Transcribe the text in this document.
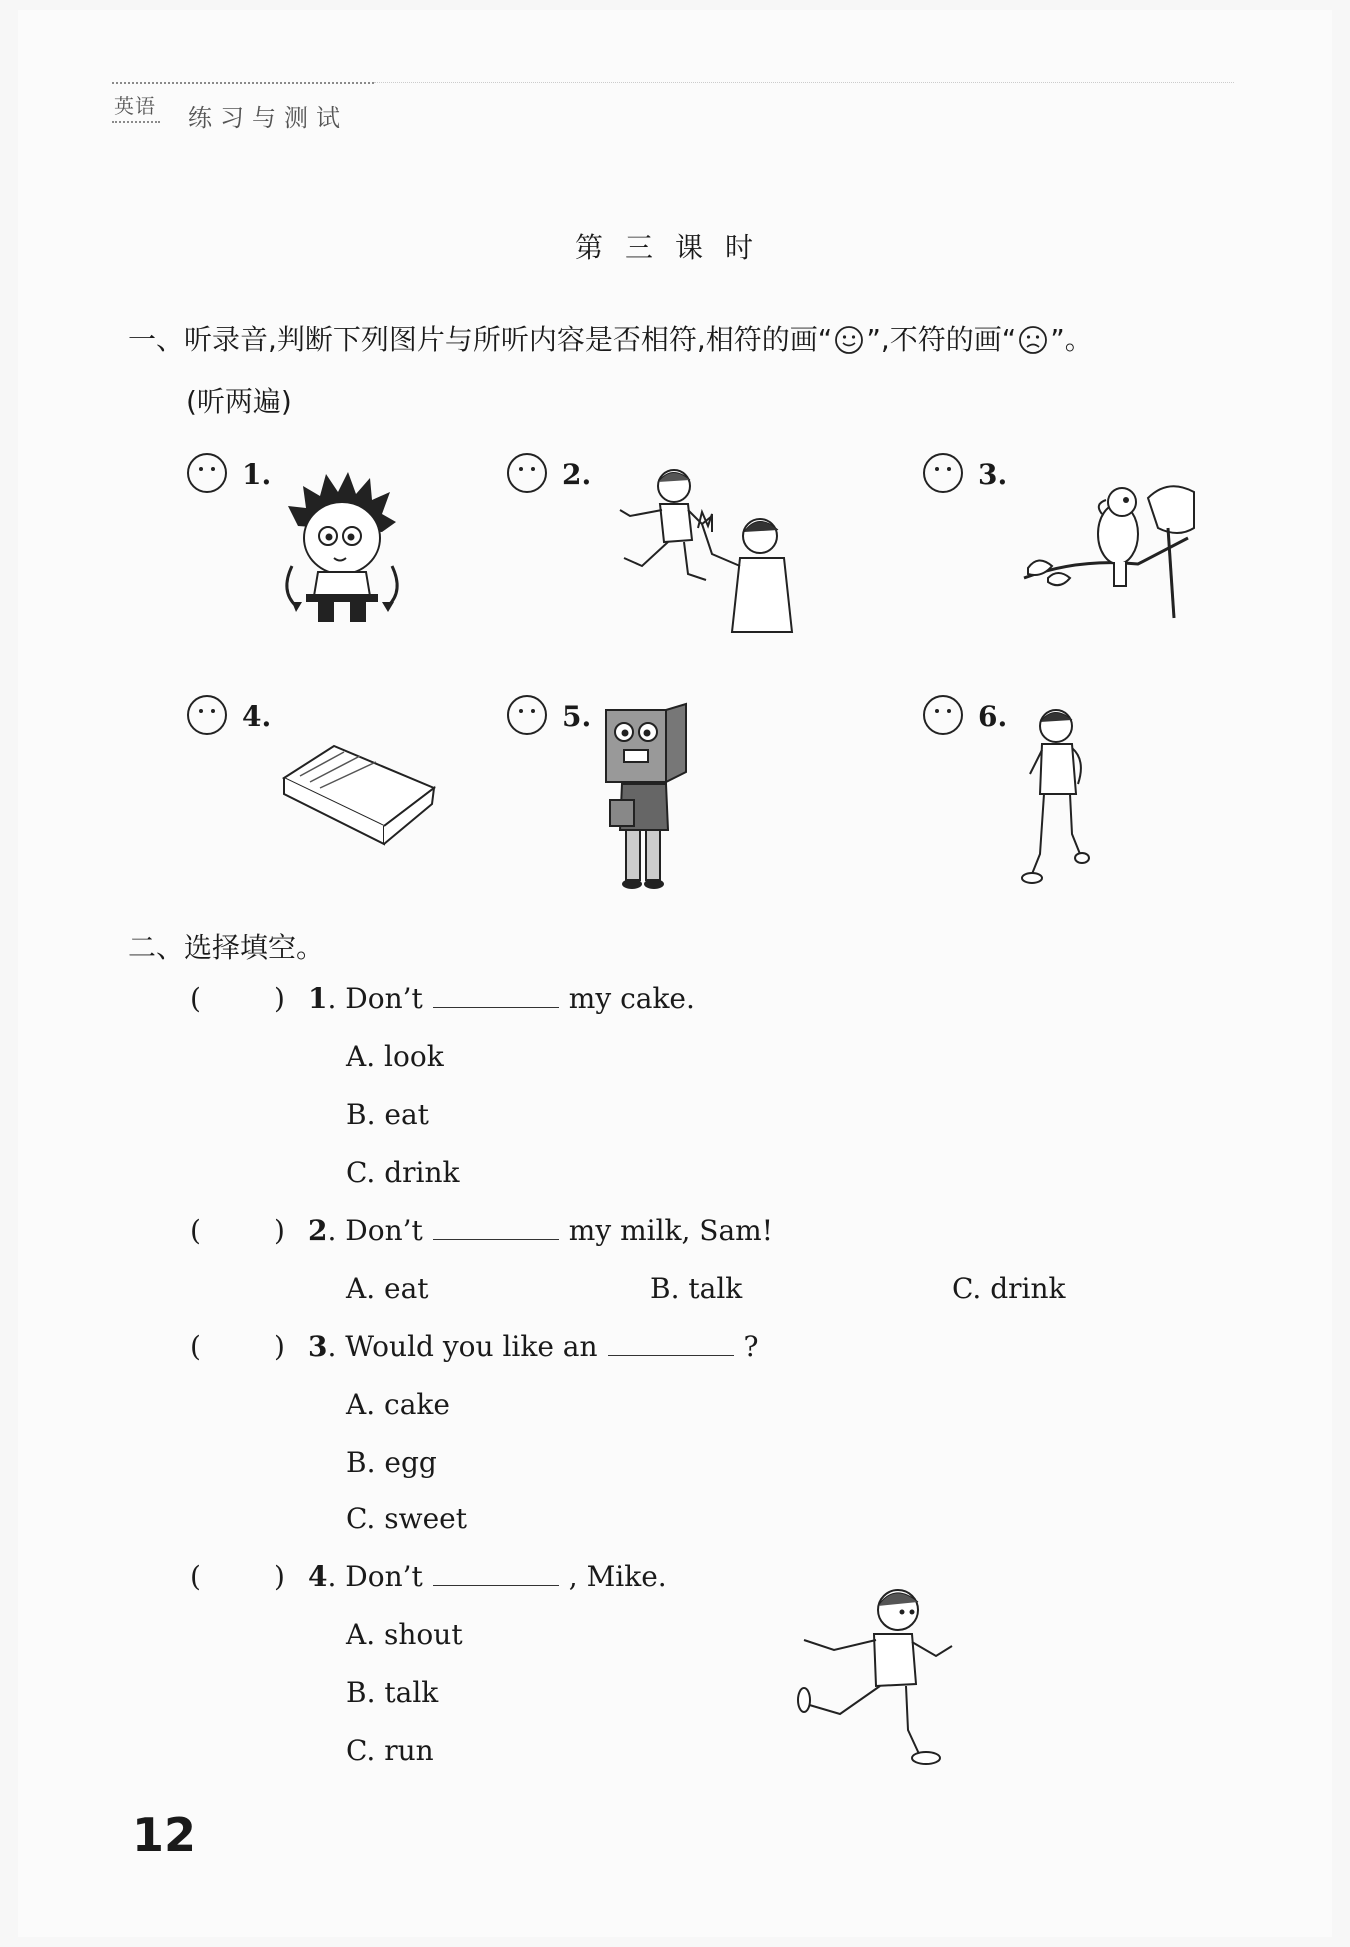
英语 练习与测试
第三课时
一、听录音,判断下列图片与所听内容是否相符,相符的画“ ”,不符的画“ ”。
(听两遍)
1.	2.	3.
4.	5.	6.
二、选择填空。
(	) 1. Don’t	my cake.
A. look
B. eat
C. drink
(	) 2. Don’t	my milk, Sam!
A. eat	B. talk	C. drink
(	) 3. Would you like an	?
A. cake
B. egg
C. sweet
(	) 4. Don’t	, Mike.
A. shout
B. talk
C. run
12
